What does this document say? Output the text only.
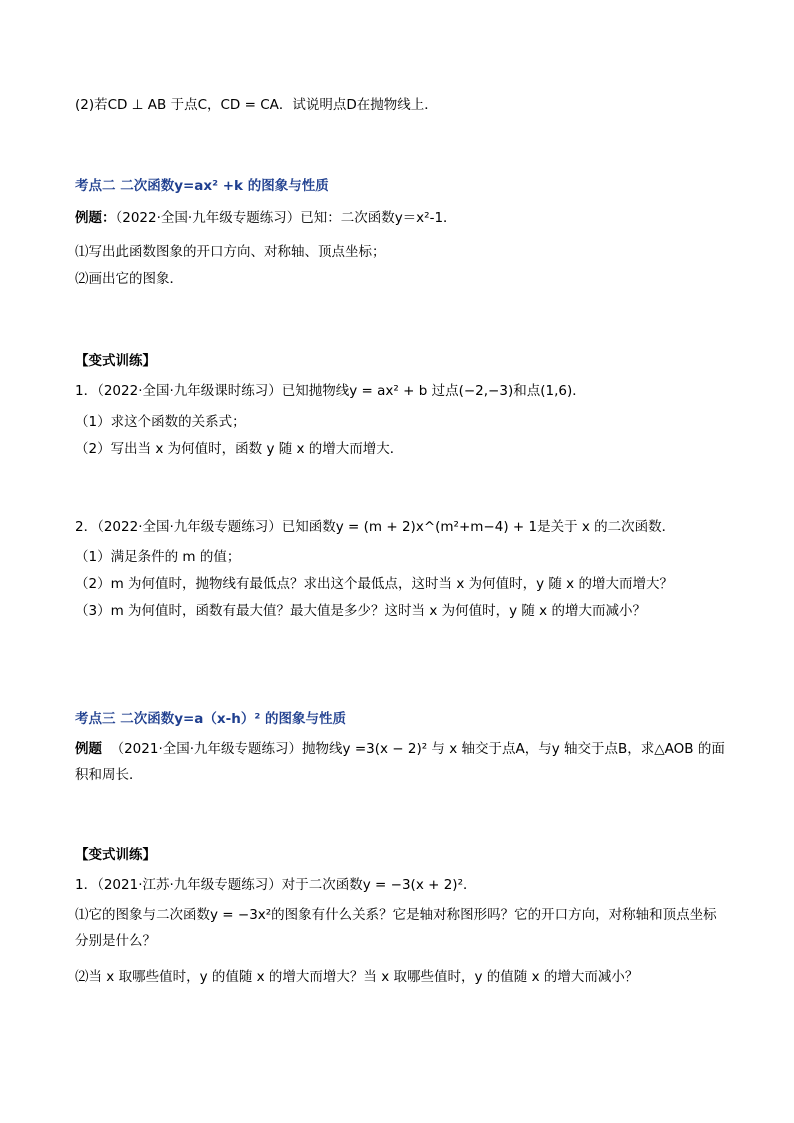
(2)若CD ⊥ AB 于点C，CD = CA．试说明点D在抛物线上．
考点二 二次函数y=ax² +k 的图象与性质
例题：（2022·全国·九年级专题练习）已知：二次函数y＝x²-1．
⑴写出此函数图象的开口方向、对称轴、顶点坐标；
⑵画出它的图象．
【变式训练】
1．（2022·全国·九年级课时练习）已知抛物线y = ax² + b 过点(−2,−3)和点(1,6)．
（1）求这个函数的关系式；
（2）写出当 x 为何值时，函数 y 随 x 的增大而增大．
2．（2022·全国·九年级专题练习）已知函数y = (m + 2)x^(m²+m−4) + 1是关于 x 的二次函数．
（1）满足条件的 m 的值；
（2）m 为何值时，抛物线有最低点？求出这个最低点，这时当 x 为何值时，y 随 x 的增大而增大？
（3）m 为何值时，函数有最大值？最大值是多少？这时当 x 为何值时，y 随 x 的增大而减小？
考点三 二次函数y=a（x-h）² 的图象与性质
例题 （2021·全国·九年级专题练习）抛物线y =3(x − 2)² 与 x 轴交于点A，与y 轴交于点B，求△AOB 的面积和周长．
【变式训练】
1．（2021·江苏·九年级专题练习）对于二次函数y = −3(x + 2)²．
⑴它的图象与二次函数y = −3x²的图象有什么关系？它是轴对称图形吗？它的开口方向，对称轴和顶点坐标分别是什么？
⑵当 x 取哪些值时，y 的值随 x 的增大而增大？当 x 取哪些值时，y 的值随 x 的增大而减小？
